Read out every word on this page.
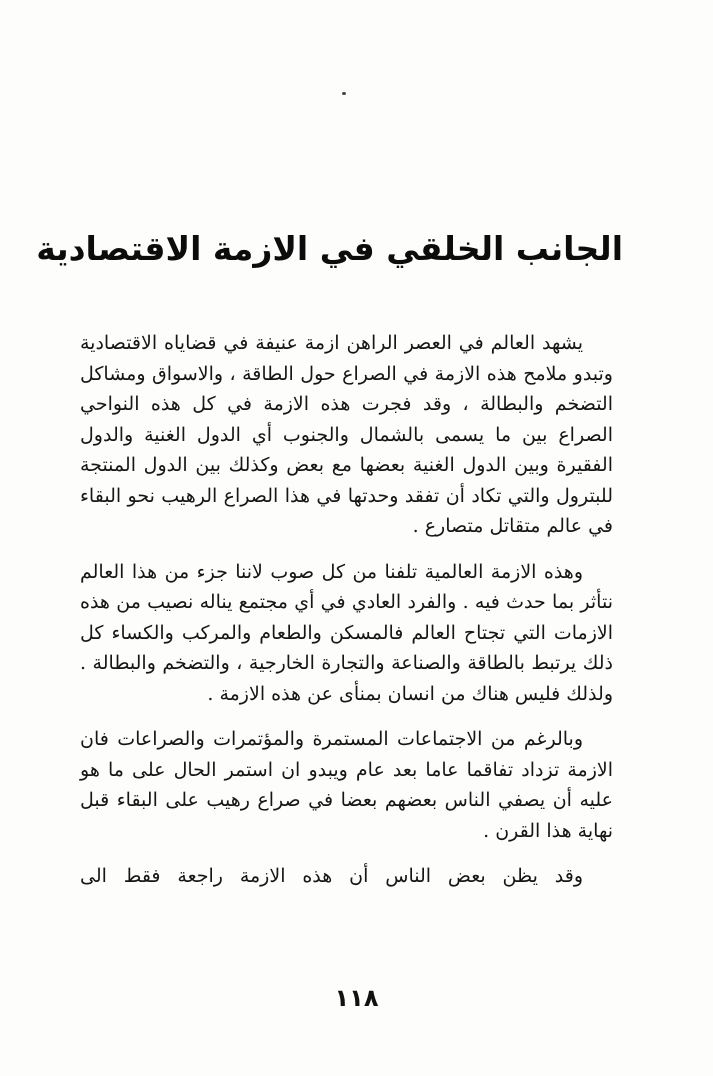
الجانب الخلقي في الازمة الاقتصادية

يشهد العالم في العصر الراهن ازمة عنيفة في قضاياه الاقتصادية وتبدو ملامح هذه الازمة في الصراع حول الطاقة ، والاسواق ومشاكل التضخم والبطالة ، وقد فجرت هذه الازمة في كل هذه النواحي الصراع بين ما يسمى بالشمال والجنوب أي الدول الغنية والدول الفقيرة وبين الدول الغنية بعضها مع بعض وكذلك بين الدول المنتجة للبترول والتي تكاد أن تفقد وحدتها في هذا الصراع الرهيب نحو البقاء في عالم متقاتل متصارع .

وهذه الازمة العالمية تلفنا من كل صوب لاننا جزء من هذا العالم نتأثر بما حدث فيه . والفرد العادي في أي مجتمع يناله نصيب من هذه الازمات التي تجتاح العالم فالمسكن والطعام والمركب والكساء كل ذلك يرتبط بالطاقة والصناعة والتجارة الخارجية ، والتضخم والبطالة . ولذلك فليس هناك من انسان بمنأى عن هذه الازمة .

وبالرغم من الاجتماعات المستمرة والمؤتمرات والصراعات فان الازمة تزداد تفاقما عاما بعد عام ويبدو ان استمر الحال على ما هو عليه أن يصفي الناس بعضهم بعضا في صراع رهيب على البقاء قبل نهاية هذا القرن .

وقد يظن بعض الناس أن هذه الازمة راجعة فقط الى

١١٨
